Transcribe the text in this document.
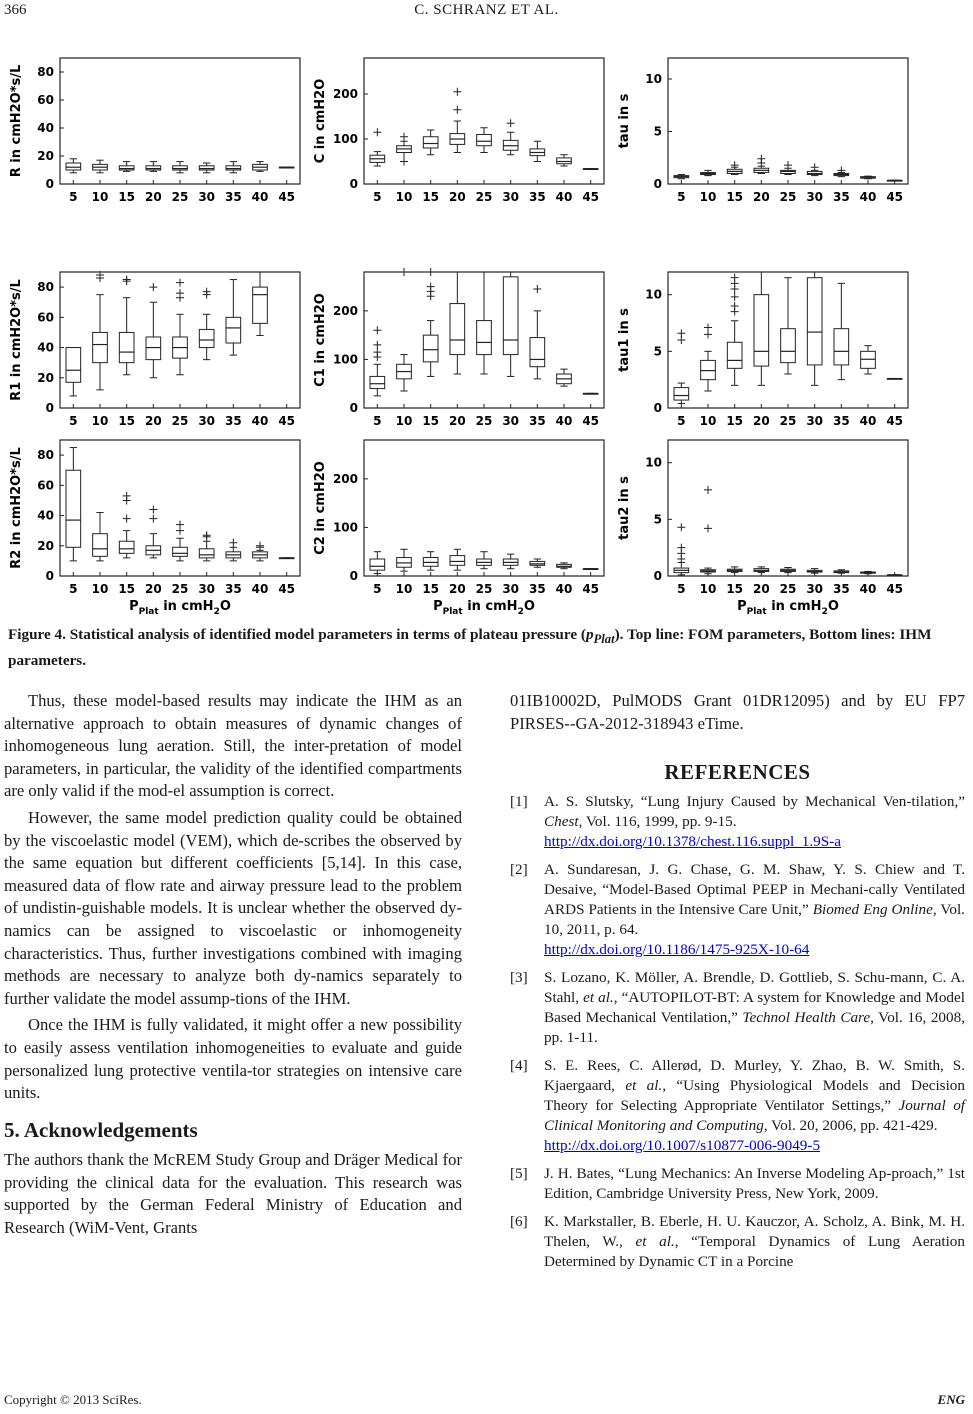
366	C. SCHRANZ ET AL.
0
20
40
60
80
5 10 15 20 25 30 35 40 45
R in cmH2O*s/L
0
100
200
5 10 15 20 25 30 35 40 45
C in cmH2O
0
5
10
5 10 15 20 25 30 35 40 45
tau in s
0
20
40
60
80
5 10 15 20 25 30 35 40 45
R1 in cmH2O*s/L
0
100
200
5 10 15 20 25 30 35 40 45
C1 in cmH2O
0
5
10
5 10 15 20 25 30 35 40 45
tau1 in s
0
20
40
60
80
5 10 15 20 25 30 35 40 45
R2 in cmH2O*s/L
$P_{Plat}$ in cmH$_2$O
0
100
200
5 10 15 20 25 30 35 40 45
C2 in cmH2O
$P_{Plat}$ in cmH$_2$O
0
5
10
5 10 15 20 25 30 35 40 45
tau2 in s
$P_{Plat}$ in cmH$_2$O
Figure 4. Statistical analysis of identified model parameters in terms of plateau pressure $(p_{Plat})$. Top line: FOM parameters, Bottom lines: IHM parameters.

Thus, these model-based results may indicate the IHM as an alternative approach to obtain measures of dynamic changes of inhomogeneous lung aeration. Still, the inter-pretation of model parameters, in particular, the validity of the identified compartments are only valid if the mod-el assumption is correct.

However, the same model prediction quality could be obtained by the viscoelastic model (VEM), which de-scribes the observed by the same equation but different coefficients [5,14]. In this case, measured data of flow rate and airway pressure lead to the problem of undistin-guishable models. It is unclear whether the observed dy-namics can be assigned to viscoelastic or inhomogeneity characteristics. Thus, further investigations combined with imaging methods are necessary to analyze both dy-namics separately to further validate the model assump-tions of the IHM.

Once the IHM is fully validated, it might offer a new possibility to easily assess ventilation inhomogeneities to evaluate and guide personalized lung protective ventila-tor strategies on intensive care units.

5. Acknowledgements

The authors thank the McREM Study Group and Dräger Medical for providing the clinical data for the evaluation. This research was supported by the German Federal Ministry of Education and Research (WiM-Vent, Grants

01IB10002D, PulMODS Grant 01DR12095) and by EU FP7 PIRSES--GA-2012-318943 eTime.

REFERENCES

[1] A. S. Slutsky, “Lung Injury Caused by Mechanical Ven-tilation,” Chest, Vol. 116, 1999, pp. 9-15.
http://dx.doi.org/10.1378/chest.116.suppl_1.9S-a

[2] A. Sundaresan, J. G. Chase, G. M. Shaw, Y. S. Chiew and T. Desaive, “Model-Based Optimal PEEP in Mechani-cally Ventilated ARDS Patients in the Intensive Care Unit,” Biomed Eng Online, Vol. 10, 2011, p. 64.
http://dx.doi.org/10.1186/1475-925X-10-64

[3] S. Lozano, K. Möller, A. Brendle, D. Gottlieb, S. Schu-mann, C. A. Stahl, et al., “AUTOPILOT-BT: A system for Knowledge and Model Based Mechanical Ventilation,” Technol Health Care, Vol. 16, 2008, pp. 1-11.

[4] S. E. Rees, C. Allerød, D. Murley, Y. Zhao, B. W. Smith, S. Kjaergaard, et al., “Using Physiological Models and Decision Theory for Selecting Appropriate Ventilator Settings,” Journal of Clinical Monitoring and Computing, Vol. 20, 2006, pp. 421-429.
http://dx.doi.org/10.1007/s10877-006-9049-5

[5] J. H. Bates, “Lung Mechanics: An Inverse Modeling Ap-proach,” 1st Edition, Cambridge University Press, New York, 2009.

[6] K. Markstaller, B. Eberle, H. U. Kauczor, A. Scholz, A. Bink, M. H. Thelen, W., et al., “Temporal Dynamics of Lung Aeration Determined by Dynamic CT in a Porcine

Copyright © 2013 SciRes.	ENG
